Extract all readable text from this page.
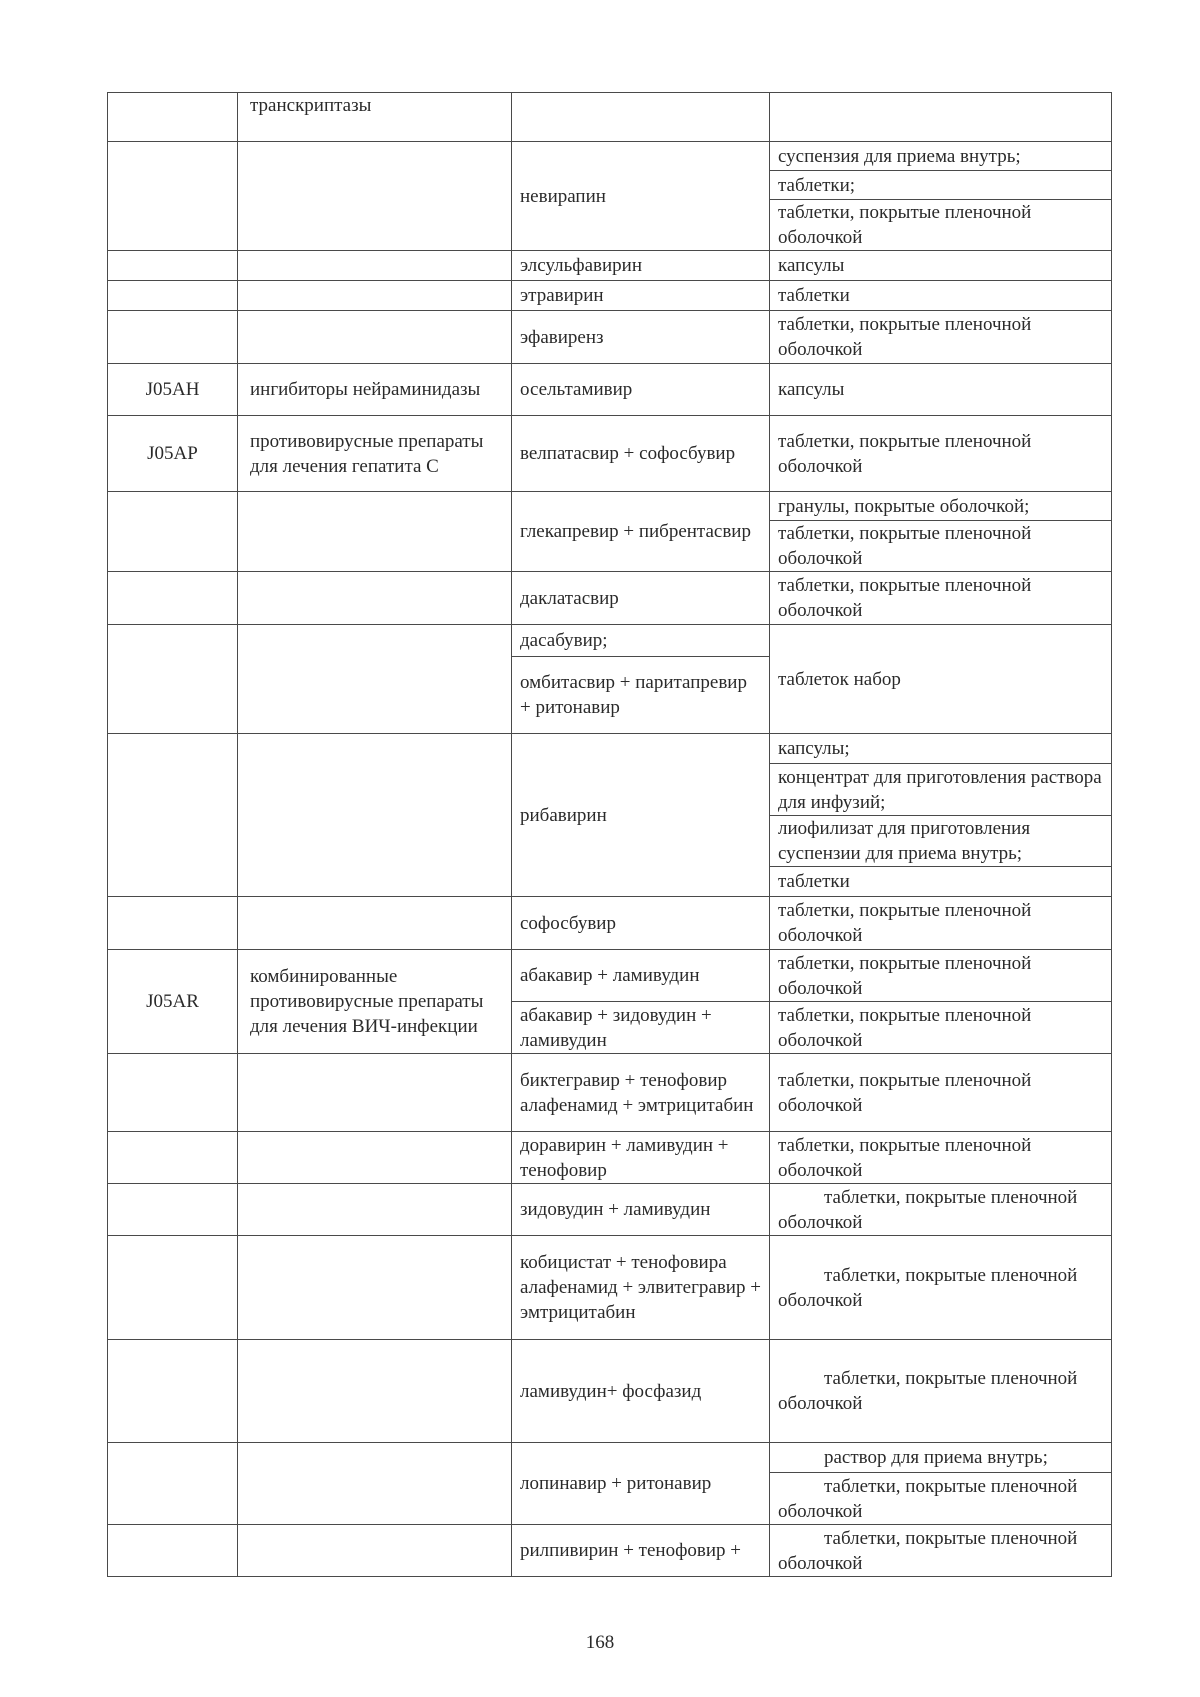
	транскриптазы		
		невирапин	суспензия для приема внутрь;
			таблетки;
			таблетки, покрытые пленочной оболочкой
		элсульфавирин	капсулы
		этравирин	таблетки
		эфавиренз	таблетки, покрытые пленочной оболочкой
J05AH	ингибиторы нейраминидазы	осельтамивир	капсулы
J05AP	противовирусные препараты для лечения гепатита C	велпатасвир + софосбувир	таблетки, покрытые пленочной оболочкой
		глекапревир + пибрентасвир	гранулы, покрытые оболочкой;
			таблетки, покрытые пленочной оболочкой
		даклатасвир	таблетки, покрытые пленочной оболочкой
		дасабувир;	таблеток набор
		омбитасвир + паритапревир + ритонавир	
		рибавирин	капсулы;
			концентрат для приготовления раствора для инфузий;
			лиофилизат для приготовления суспензии для приема внутрь;
			таблетки
		софосбувир	таблетки, покрытые пленочной оболочкой
J05AR	комбинированные противовирусные препараты для лечения ВИЧ-инфекции	абакавир + ламивудин	таблетки, покрытые пленочной оболочкой
		абакавир + зидовудин + ламивудин	таблетки, покрытые пленочной оболочкой
		биктегравир + тенофовир алафенамид + эмтрицитабин	таблетки, покрытые пленочной оболочкой
		доравирин + ламивудин + тенофовир	таблетки, покрытые пленочной оболочкой
		зидовудин + ламивудин	таблетки, покрытые пленочной оболочкой
		кобицистат + тенофовира алафенамид + элвитегравир + эмтрицитабин	таблетки, покрытые пленочной оболочкой
		ламивудин+ фосфазид	таблетки, покрытые пленочной оболочкой
		лопинавир + ритонавир	раствор для приема внутрь;
			таблетки, покрытые пленочной оболочкой
		рилпивирин + тенофовир +	таблетки, покрытые пленочной оболочкой
168
